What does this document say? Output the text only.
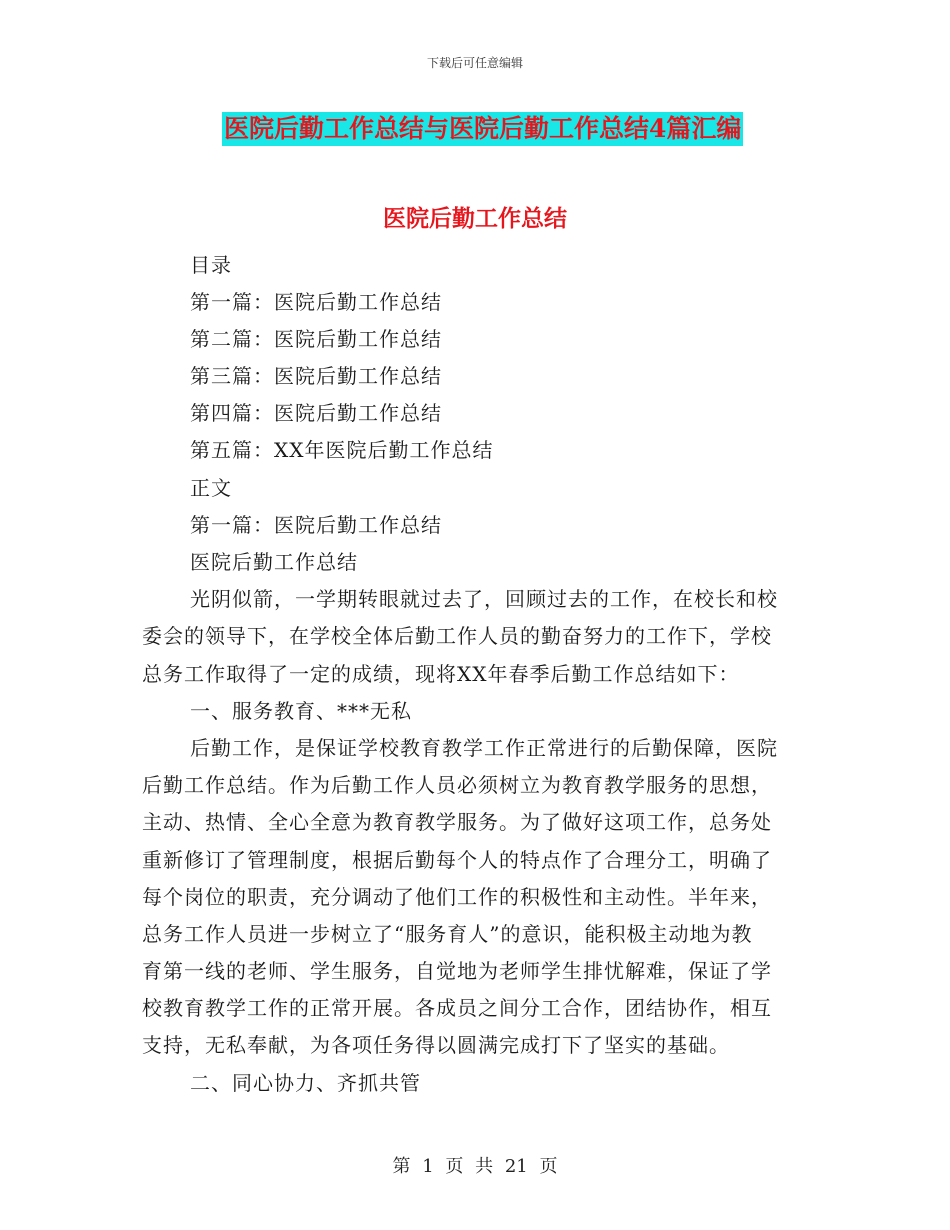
下载后可任意编辑
医院后勤工作总结与医院后勤工作总结4篇汇编
医院后勤工作总结
目录
第一篇：医院后勤工作总结
第二篇：医院后勤工作总结
第三篇：医院后勤工作总结
第四篇：医院后勤工作总结
第五篇：XX年医院后勤工作总结
正文
第一篇：医院后勤工作总结
医院后勤工作总结
光阴似箭，一学期转眼就过去了，回顾过去的工作，在校长和校
委会的领导下，在学校全体后勤工作人员的勤奋努力的工作下，学校
总务工作取得了一定的成绩，现将XX年春季后勤工作总结如下：
一、服务教育、***无私
后勤工作，是保证学校教育教学工作正常进行的后勤保障，医院
后勤工作总结。作为后勤工作人员必须树立为教育教学服务的思想，
主动、热情、全心全意为教育教学服务。为了做好这项工作，总务处
重新修订了管理制度，根据后勤每个人的特点作了合理分工，明确了
每个岗位的职责，充分调动了他们工作的积极性和主动性。半年来，
总务工作人员进一步树立了“服务育人”的意识，能积极主动地为教
育第一线的老师、学生服务，自觉地为老师学生排忧解难，保证了学
校教育教学工作的正常开展。各成员之间分工合作，团结协作，相互
支持，无私奉献，为各项任务得以圆满完成打下了坚实的基础。
二、同心协力、齐抓共管
第 1 页 共 21 页
